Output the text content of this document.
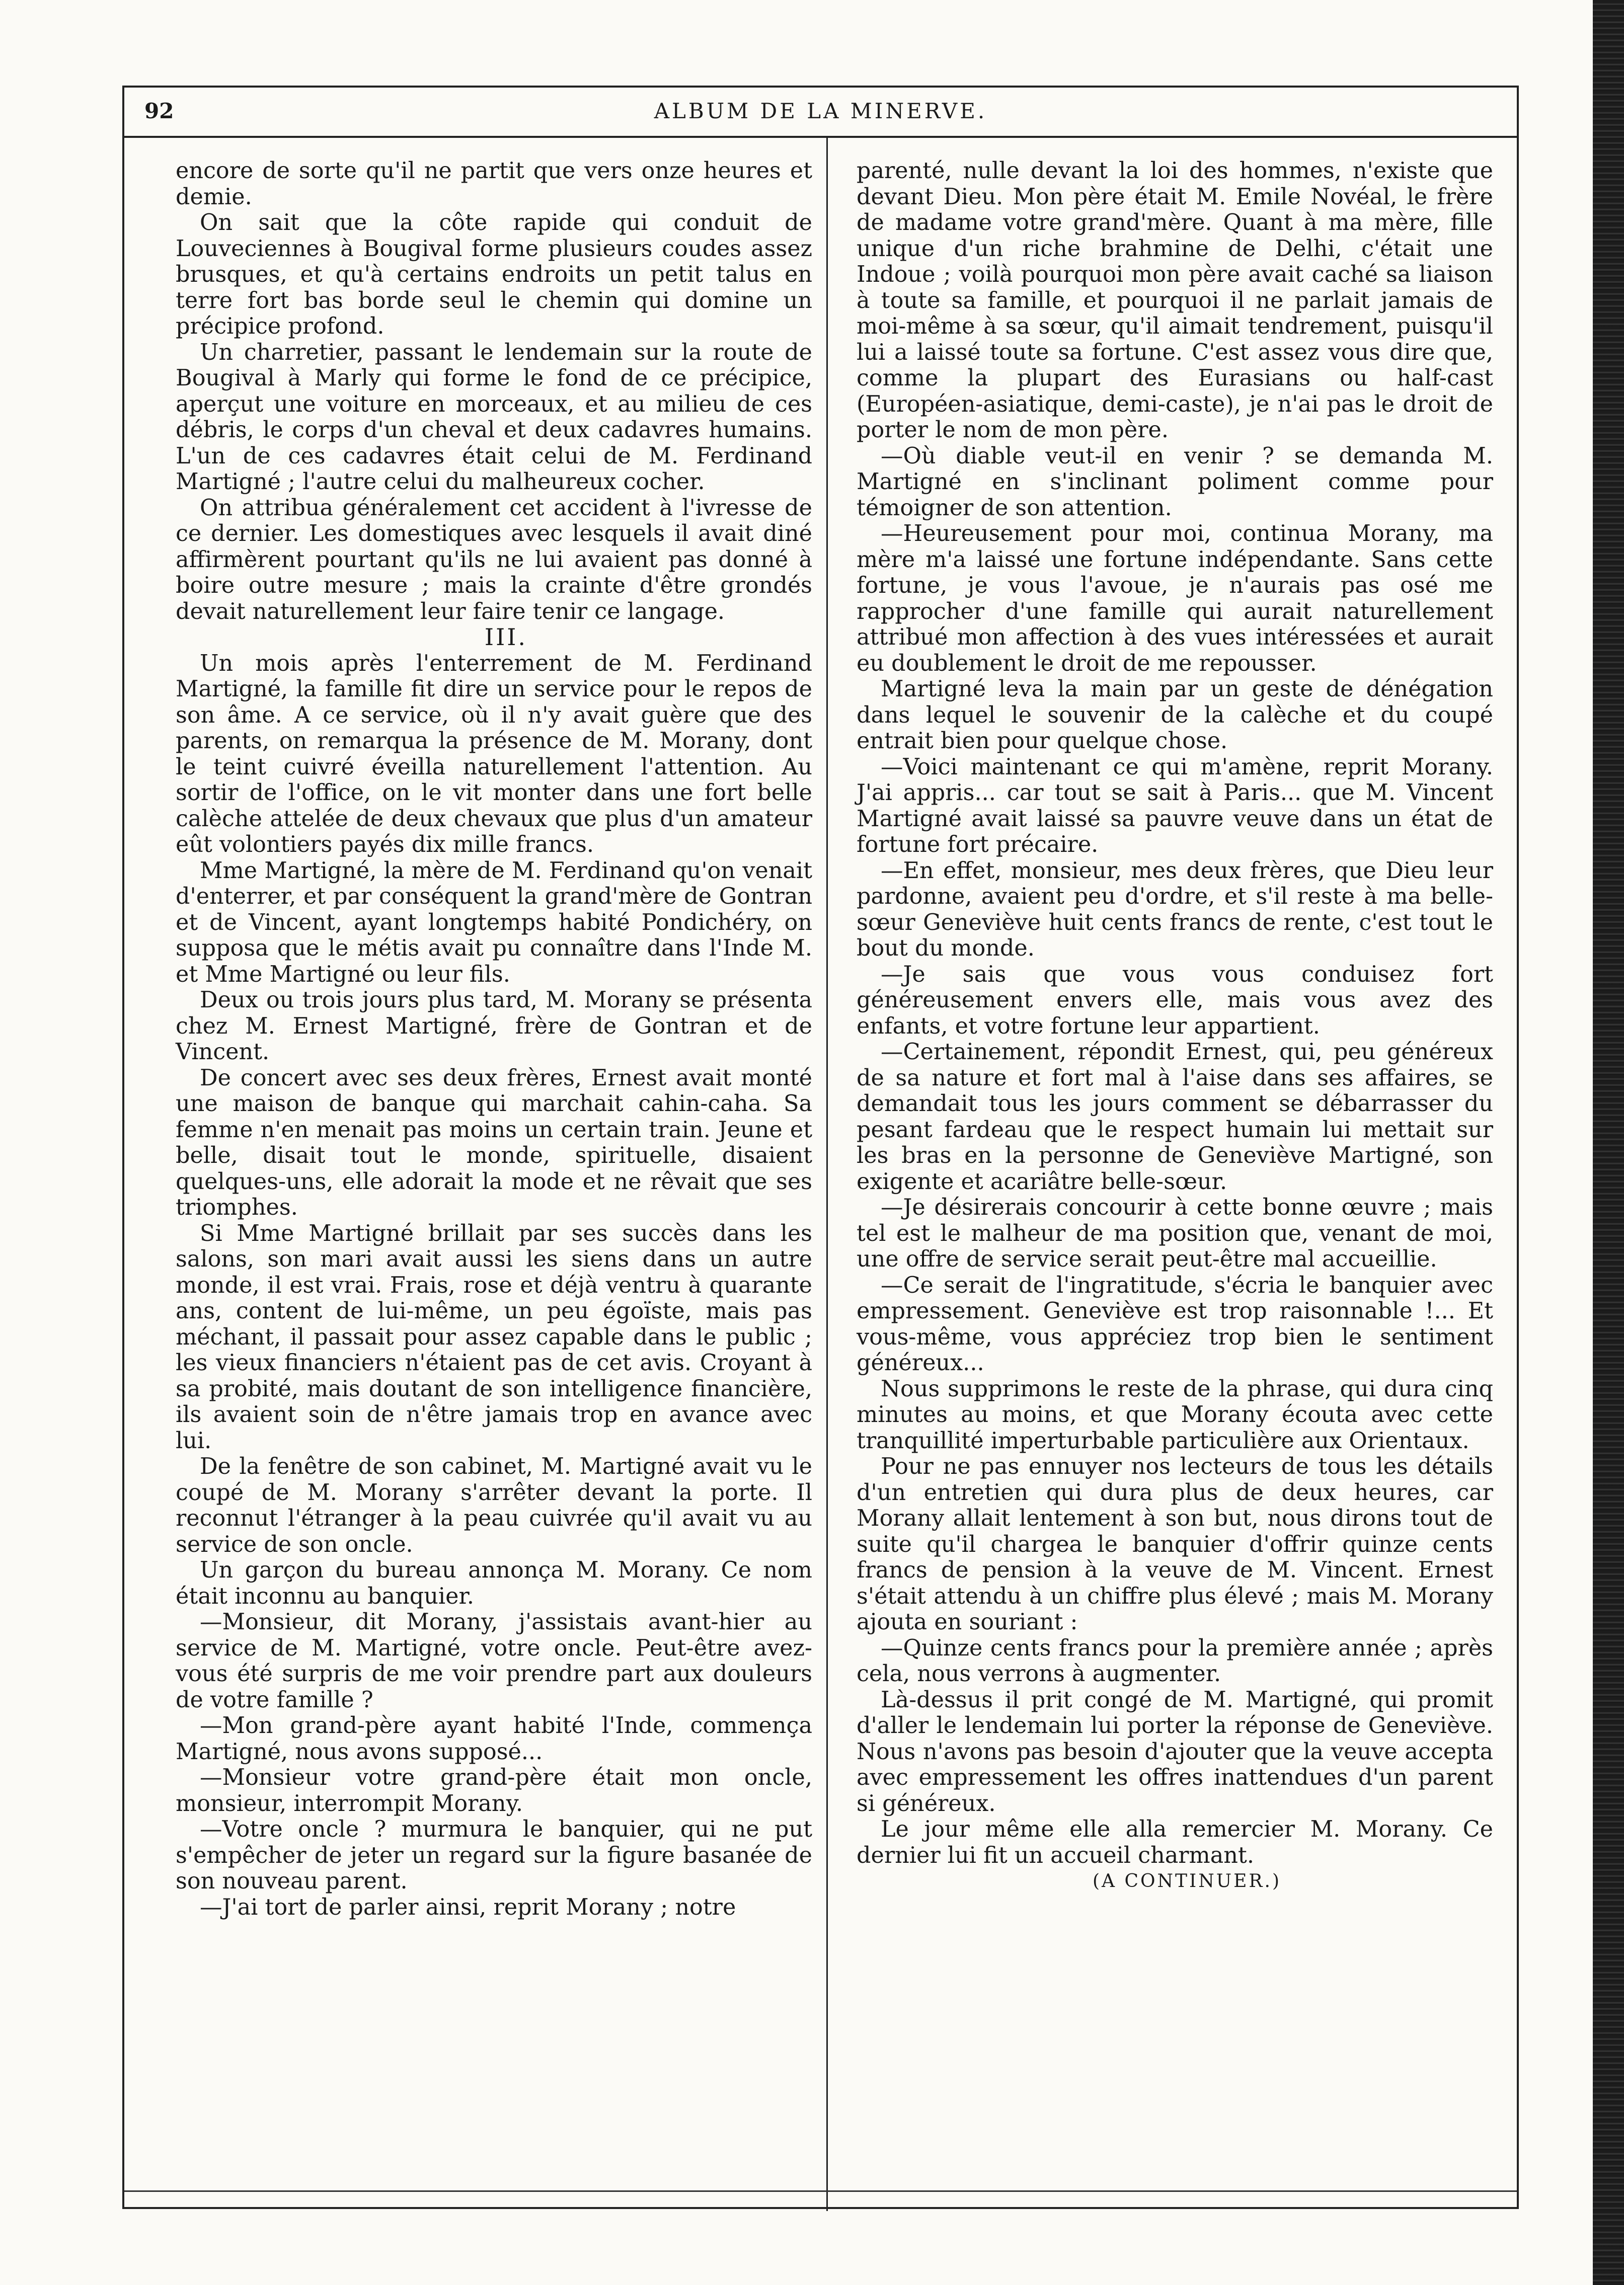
92	ALBUM DE LA MINERVE.

encore de sorte qu'il ne partit que vers onze heures et demie.

On sait que la côte rapide qui conduit de Louveciennes à Bougival forme plusieurs coudes assez brusques, et qu'à certains endroits un petit talus en terre fort bas borde seul le chemin qui domine un précipice profond.

Un charretier, passant le lendemain sur la route de Bougival à Marly qui forme le fond de ce précipice, aperçut une voiture en morceaux, et au milieu de ces débris, le corps d'un cheval et deux cadavres humains. L'un de ces cadavres était celui de M. Ferdinand Martigné ; l'autre celui du malheureux cocher.

On attribua généralement cet accident à l'ivresse de ce dernier. Les domestiques avec lesquels il avait diné affirmèrent pourtant qu'ils ne lui avaient pas donné à boire outre mesure ; mais la crainte d'être grondés devait naturellement leur faire tenir ce langage.

III.

Un mois après l'enterrement de M. Ferdinand Martigné, la famille fit dire un service pour le repos de son âme. A ce service, où il n'y avait guère que des parents, on remarqua la présence de M. Morany, dont le teint cuivré éveilla naturellement l'attention. Au sortir de l'office, on le vit monter dans une fort belle calèche attelée de deux chevaux que plus d'un amateur eût volontiers payés dix mille francs.

Mme Martigné, la mère de M. Ferdinand qu'on venait d'enterrer, et par conséquent la grand'mère de Gontran et de Vincent, ayant longtemps habité Pondichéry, on supposa que le métis avait pu connaître dans l'Inde M. et Mme Martigné ou leur fils.

Deux ou trois jours plus tard, M. Morany se présenta chez M. Ernest Martigné, frère de Gontran et de Vincent.

De concert avec ses deux frères, Ernest avait monté une maison de banque qui marchait cahin-caha. Sa femme n'en menait pas moins un certain train. Jeune et belle, disait tout le monde, spirituelle, disaient quelques-uns, elle adorait la mode et ne rêvait que ses triomphes.

Si Mme Martigné brillait par ses succès dans les salons, son mari avait aussi les siens dans un autre monde, il est vrai. Frais, rose et déjà ventru à quarante ans, content de lui-même, un peu égoïste, mais pas méchant, il passait pour assez capable dans le public ; les vieux financiers n'étaient pas de cet avis. Croyant à sa probité, mais doutant de son intelligence financière, ils avaient soin de n'être jamais trop en avance avec lui.

De la fenêtre de son cabinet, M. Martigné avait vu le coupé de M. Morany s'arrêter devant la porte. Il reconnut l'étranger à la peau cuivrée qu'il avait vu au service de son oncle.

Un garçon du bureau annonça M. Morany. Ce nom était inconnu au banquier.

—Monsieur, dit Morany, j'assistais avant-hier au service de M. Martigné, votre oncle. Peut-être avez-vous été surpris de me voir prendre part aux douleurs de votre famille ?

—Mon grand-père ayant habité l'Inde, commença Martigné, nous avons supposé...

—Monsieur votre grand-père était mon oncle, monsieur, interrompit Morany.

—Votre oncle ? murmura le banquier, qui ne put s'empêcher de jeter un regard sur la figure basanée de son nouveau parent.

—J'ai tort de parler ainsi, reprit Morany ; notre

parenté, nulle devant la loi des hommes, n'existe que devant Dieu. Mon père était M. Emile Novéal, le frère de madame votre grand'mère. Quant à ma mère, fille unique d'un riche brahmine de Delhi, c'était une Indoue ; voilà pourquoi mon père avait caché sa liaison à toute sa famille, et pourquoi il ne parlait jamais de moi-même à sa sœur, qu'il aimait tendrement, puisqu'il lui a laissé toute sa fortune. C'est assez vous dire que, comme la plupart des Eurasians ou half-cast (Européen-asiatique, demi-caste), je n'ai pas le droit de porter le nom de mon père.

—Où diable veut-il en venir ? se demanda M. Martigné en s'inclinant poliment comme pour témoigner de son attention.

—Heureusement pour moi, continua Morany, ma mère m'a laissé une fortune indépendante. Sans cette fortune, je vous l'avoue, je n'aurais pas osé me rapprocher d'une famille qui aurait naturellement attribué mon affection à des vues intéressées et aurait eu doublement le droit de me repousser.

Martigné leva la main par un geste de dénégation dans lequel le souvenir de la calèche et du coupé entrait bien pour quelque chose.

—Voici maintenant ce qui m'amène, reprit Morany. J'ai appris... car tout se sait à Paris... que M. Vincent Martigné avait laissé sa pauvre veuve dans un état de fortune fort précaire.

—En effet, monsieur, mes deux frères, que Dieu leur pardonne, avaient peu d'ordre, et s'il reste à ma belle-sœur Geneviève huit cents francs de rente, c'est tout le bout du monde.

—Je sais que vous vous conduisez fort généreusement envers elle, mais vous avez des enfants, et votre fortune leur appartient.

—Certainement, répondit Ernest, qui, peu généreux de sa nature et fort mal à l'aise dans ses affaires, se demandait tous les jours comment se débarrasser du pesant fardeau que le respect humain lui mettait sur les bras en la personne de Geneviève Martigné, son exigente et acariâtre belle-sœur.

—Je désirerais concourir à cette bonne œuvre ; mais tel est le malheur de ma position que, venant de moi, une offre de service serait peut-être mal accueillie.

—Ce serait de l'ingratitude, s'écria le banquier avec empressement. Geneviève est trop raisonnable !... Et vous-même, vous appréciez trop bien le sentiment généreux...

Nous supprimons le reste de la phrase, qui dura cinq minutes au moins, et que Morany écouta avec cette tranquillité imperturbable particulière aux Orientaux.

Pour ne pas ennuyer nos lecteurs de tous les détails d'un entretien qui dura plus de deux heures, car Morany allait lentement à son but, nous dirons tout de suite qu'il chargea le banquier d'offrir quinze cents francs de pension à la veuve de M. Vincent. Ernest s'était attendu à un chiffre plus élevé ; mais M. Morany ajouta en souriant :

—Quinze cents francs pour la première année ; après cela, nous verrons à augmenter.

Là-dessus il prit congé de M. Martigné, qui promit d'aller le lendemain lui porter la réponse de Geneviève. Nous n'avons pas besoin d'ajouter que la veuve accepta avec empressement les offres inattendues d'un parent si généreux.

Le jour même elle alla remercier M. Morany. Ce dernier lui fit un accueil charmant.

(A CONTINUER.)
